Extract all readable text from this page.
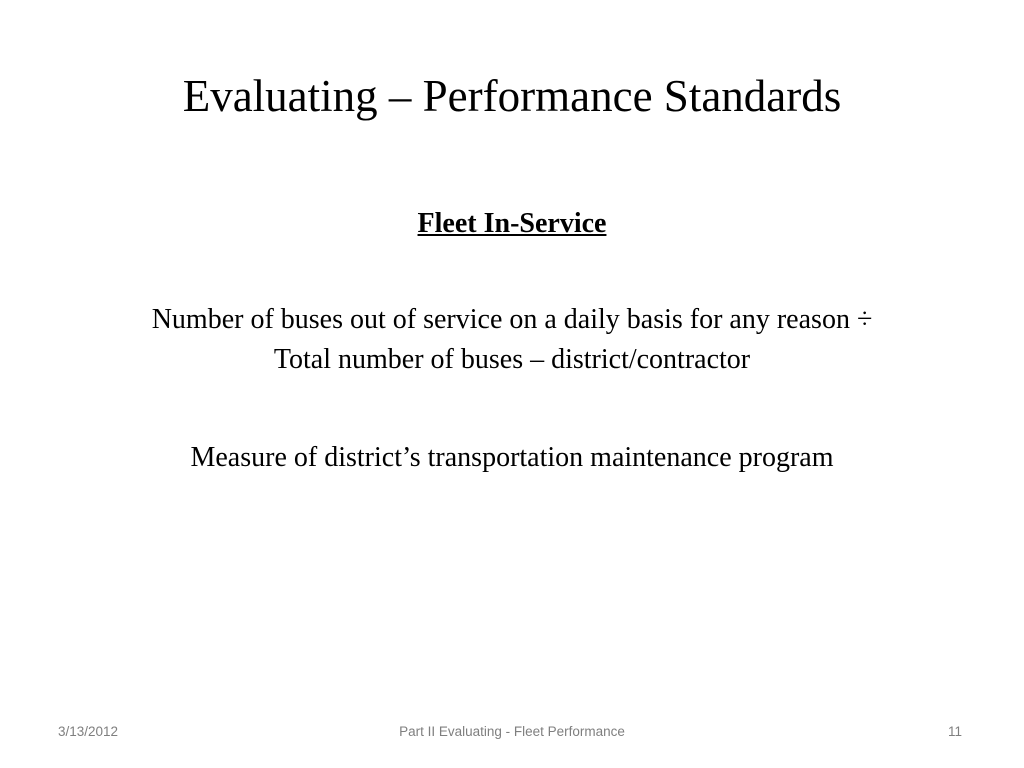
Evaluating – Performance Standards
Fleet In-Service

Number of buses out of service on a daily basis for any reason ÷
Total number of buses – district/contractor

Measure of district’s transportation maintenance program

3/13/2012	Part II Evaluating - Fleet Performance	11
